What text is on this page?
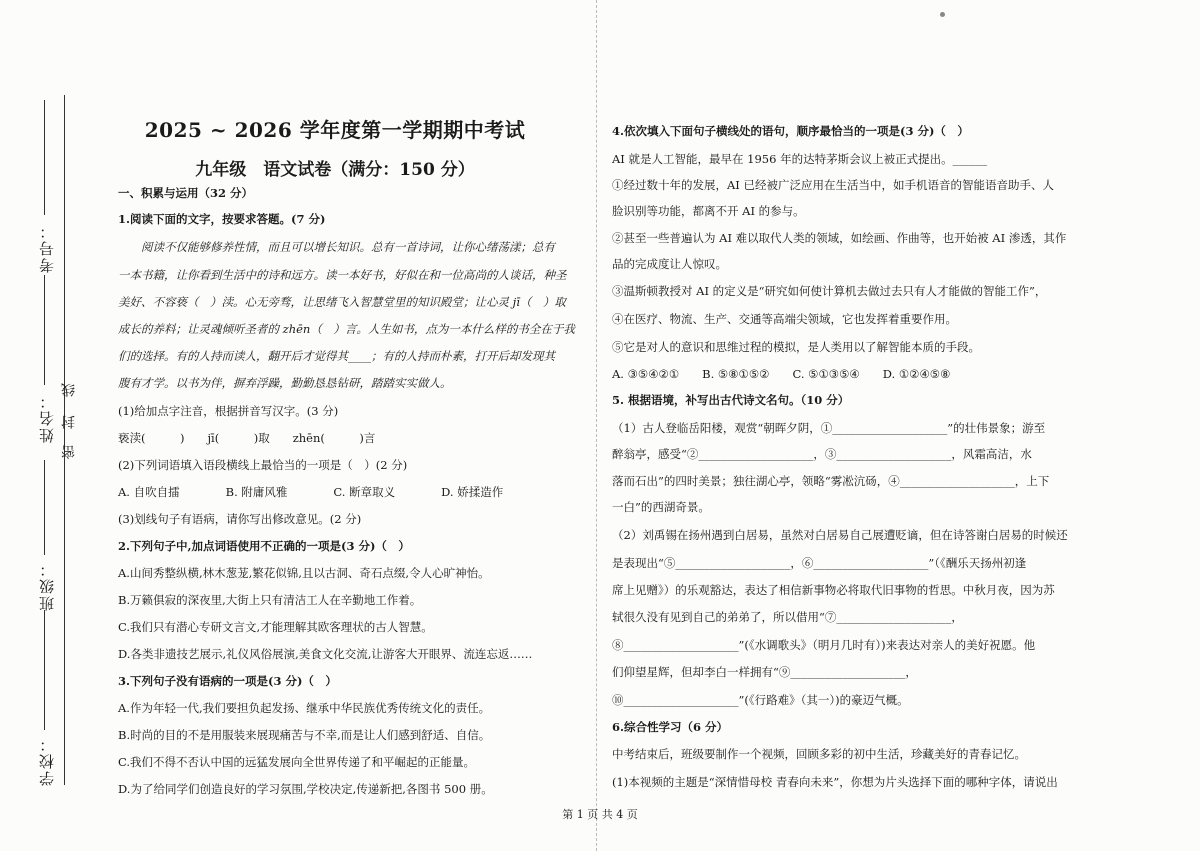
考号：
姓名：
班级：
学校：
线
封
密
2025 ~ 2026 学年度第一学期期中考试
九年级　语文试卷（满分：150 分）
一、积累与运用（32 分）
1.阅读下面的文字，按要求答题。(7 分)
　　阅读不仅能够修养性情，而且可以增长知识。总有一首诗词，让你心绪荡漾；总有
一本书籍，让你看到生活中的诗和远方。读一本好书，好似在和一位高尚的人谈话，种圣
美好、不容亵（　）渎。心无旁骛，让思绪飞入智慧堂里的知识殿堂；让心灵 jī（　）取
成长的养料；让灵魂倾听圣者的 zhēn（　）言。人生如书，点为一本什么样的书全在于我
们的选择。有的人持而读人，翻开后才觉得其____；有的人持而朴素，打开后却发现其
腹有才学。以书为伴，摒弃浮躁，勤勤恳恳钻研，踏踏实实做人。
(1)给加点字注音，根据拼音写汉字。(3 分)
亵渎(　　　)　　jī(　　　)取　　zhēn(　　　)言
(2)下列词语填入语段横线上最恰当的一项是（　）(2 分)
A. 自吹自擂　　　　B. 附庸风雅　　　　C. 断章取义　　　　D. 娇揉造作
(3)划线句子有语病，请你写出修改意见。(2 分)
2.下列句子中,加点词语使用不正确的一项是(3 分)（　）
A.山间秀整纵横,林木葱茏,繁花似锦,且以古洞、奇石点缀,令人心旷神怡。
B.万籁俱寂的深夜里,大街上只有清洁工人在辛勤地工作着。
C.我们只有潜心专研文言文,才能理解其欧客理状的古人智慧。
D.各类非遗技艺展示,礼仪风俗展演,美食文化交流,让游客大开眼界、流连忘返……
3.下列句子没有语病的一项是(3 分)（　）
A.作为年轻一代,我们要担负起发扬、继承中华民族优秀传统文化的责任。
B.时尚的目的不是用服装来展现痛苦与不幸,而是让人们感到舒适、自信。
C.我们不得不否认中国的远猛发展向全世界传递了和平崛起的正能量。
D.为了给同学们创造良好的学习氛围,学校决定,传递新把,各图书 500 册。
4.依次填入下面句子横线处的语句，顺序最恰当的一项是(3 分)（　）
AI 就是人工智能，最早在 1956 年的达特茅斯会议上被正式提出。______
①经过数十年的发展，AI 已经被广泛应用在生活当中，如手机语音的智能语音助手、人
脸识别等功能，都离不开 AI 的参与。
②甚至一些普遍认为 AI 难以取代人类的领域，如绘画、作曲等，也开始被 AI 渗透，其作
品的完成度让人惊叹。
③温斯顿教授对 AI 的定义是“研究如何使计算机去做过去只有人才能做的智能工作”，
④在医疗、物流、生产、交通等高端尖领域，它也发挥着重要作用。
⑤它是对人的意识和思维过程的模拟，是人类用以了解智能本质的手段。
A. ③⑤④②①　　B. ⑤⑧①⑤②　　C. ⑤①③⑤④　　D. ①②④⑤⑧
5. 根据语境，补写出古代诗文名句。（10 分）
（1）古人登临岳阳楼，观赏“朝晖夕阴，①____________________”的壮伟景象；游至
醉翁亭，感受“②____________________，③____________________，风霜高洁，水
落而石出”的四时美景；独往湖心亭，领略“雾凇沆砀，④____________________，上下
一白”的西湖奇景。
（2）刘禹锡在扬州遇到白居易，虽然对白居易自己展遭贬谪，但在诗答谢白居易的时候还
是表现出“⑤____________________，⑥____________________”（《酬乐天扬州初逢
席上见赠》）的乐观豁达，表达了相信新事物必将取代旧事物的哲思。中秋月夜，因为苏
轼很久没有见到自己的弟弟了，所以借用“⑦____________________，
⑧____________________”(《水调歌头》（明月几时有）)来表达对亲人的美好祝愿。他
们仰望星辉，但却李白一样拥有“⑨____________________，
⑩____________________”(《行路难》（其一）)的豪迈气概。
6.综合性学习（6 分）
中考结束后，班级要制作一个视频，回顾多彩的初中生活，珍藏美好的青春记忆。
(1)本视频的主题是“深情惜母校 青春向未来”，你想为片头选择下面的哪种字体，请说出
第 1 页 共 4 页
